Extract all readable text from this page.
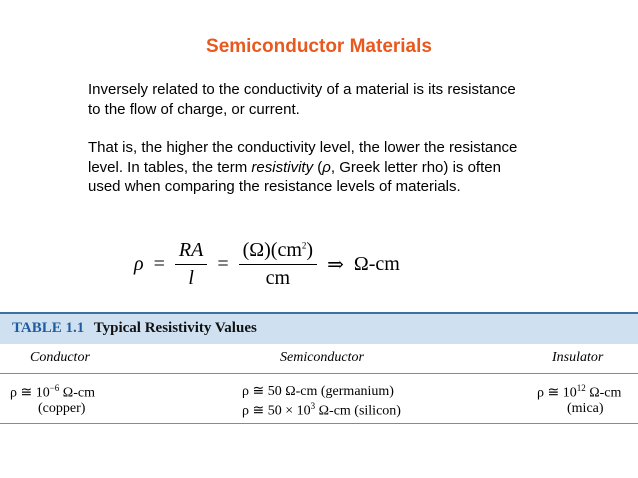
Semiconductor Materials
Inversely related to the conductivity of a material is its resistance to the flow of charge, or current.
That is, the higher the conductivity level, the lower the resistance level. In tables, the term resistivity (ρ, Greek letter rho) is often used when comparing the resistance levels of materials.
$\rho = \frac{RA}{l} = \frac{(\Omega)(cm^2)}{cm}$ ⇒ Ω-cm
TABLE 1.1 Typical Resistivity Values
Conductor	Semiconductor	Insulator
ρ ≅ $10^{-6}$ Ω-cm
(copper)
ρ ≅ 50 Ω-cm (germanium)
ρ ≅ $50 \times 10^3$ Ω-cm (silicon)
ρ ≅ $10^{12}$ Ω-cm
(mica)
